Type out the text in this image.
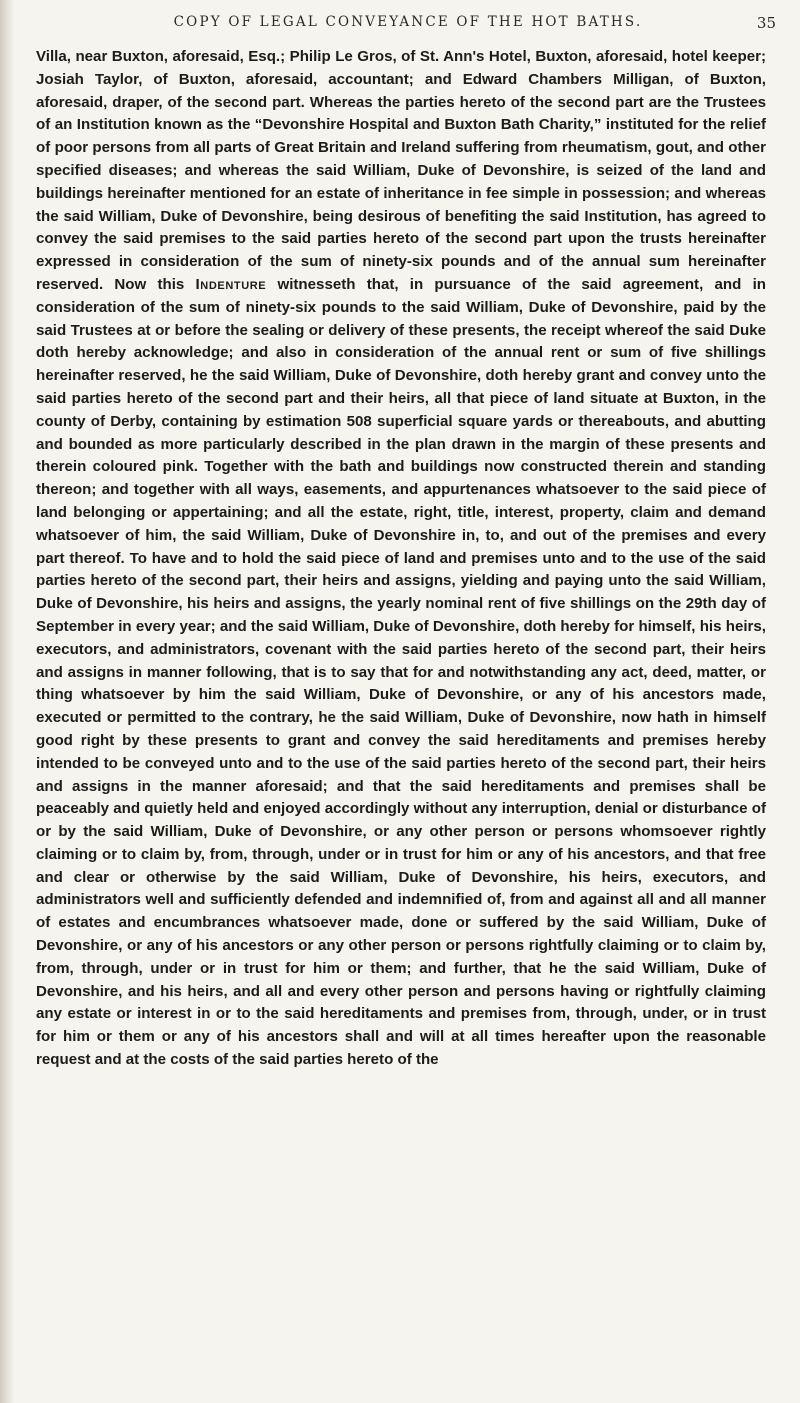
COPY OF LEGAL CONVEYANCE OF THE HOT BATHS.	35

Villa, near Buxton, aforesaid, Esq.; Philip Le Gros, of St. Ann's Hotel, Buxton, aforesaid, hotel keeper; Josiah Taylor, of Buxton, aforesaid, accountant; and Edward Chambers Milligan, of Buxton, aforesaid, draper, of the second part. Whereas the parties hereto of the second part are the Trustees of an Institution known as the “Devonshire Hospital and Buxton Bath Charity,” instituted for the relief of poor persons from all parts of Great Britain and Ireland suffering from rheumatism, gout, and other specified diseases; and whereas the said William, Duke of Devonshire, is seized of the land and buildings hereinafter mentioned for an estate of inheritance in fee simple in possession; and whereas the said William, Duke of Devonshire, being desirous of benefiting the said Institution, has agreed to convey the said premises to the said parties hereto of the second part upon the trusts hereinafter expressed in consideration of the sum of ninety-six pounds and of the annual sum hereinafter reserved. Now this Indenture witnesseth that, in pursuance of the said agreement, and in consideration of the sum of ninety-six pounds to the said William, Duke of Devonshire, paid by the said Trustees at or before the sealing or delivery of these presents, the receipt whereof the said Duke doth hereby acknowledge; and also in consideration of the annual rent or sum of five shillings hereinafter reserved, he the said William, Duke of Devonshire, doth hereby grant and convey unto the said parties hereto of the second part and their heirs, all that piece of land situate at Buxton, in the county of Derby, containing by estimation 508 superficial square yards or thereabouts, and abutting and bounded as more particularly described in the plan drawn in the margin of these presents and therein coloured pink. Together with the bath and buildings now constructed therein and standing thereon; and together with all ways, easements, and appurtenances whatsoever to the said piece of land belonging or appertaining; and all the estate, right, title, interest, property, claim and demand whatsoever of him, the said William, Duke of Devonshire in, to, and out of the premises and every part thereof. To have and to hold the said piece of land and premises unto and to the use of the said parties hereto of the second part, their heirs and assigns, yielding and paying unto the said William, Duke of Devonshire, his heirs and assigns, the yearly nominal rent of five shillings on the 29th day of September in every year; and the said William, Duke of Devonshire, doth hereby for himself, his heirs, executors, and administrators, covenant with the said parties hereto of the second part, their heirs and assigns in manner following, that is to say that for and notwithstanding any act, deed, matter, or thing whatsoever by him the said William, Duke of Devonshire, or any of his ancestors made, executed or permitted to the contrary, he the said William, Duke of Devonshire, now hath in himself good right by these presents to grant and convey the said hereditaments and premises hereby intended to be conveyed unto and to the use of the said parties hereto of the second part, their heirs and assigns in the manner aforesaid; and that the said hereditaments and premises shall be peaceably and quietly held and enjoyed accordingly without any interruption, denial or disturbance of or by the said William, Duke of Devonshire, or any other person or persons whomsoever rightly claiming or to claim by, from, through, under or in trust for him or any of his ancestors, and that free and clear or otherwise by the said William, Duke of Devonshire, his heirs, executors, and administrators well and sufficiently defended and indemnified of, from and against all and all manner of estates and encumbrances whatsoever made, done or suffered by the said William, Duke of Devonshire, or any of his ancestors or any other person or persons rightfully claiming or to claim by, from, through, under or in trust for him or them; and further, that he the said William, Duke of Devonshire, and his heirs, and all and every other person and persons having or rightfully claiming any estate or interest in or to the said hereditaments and premises from, through, under, or in trust for him or them or any of his ancestors shall and will at all times hereafter upon the reasonable request and at the costs of the said parties hereto of the
